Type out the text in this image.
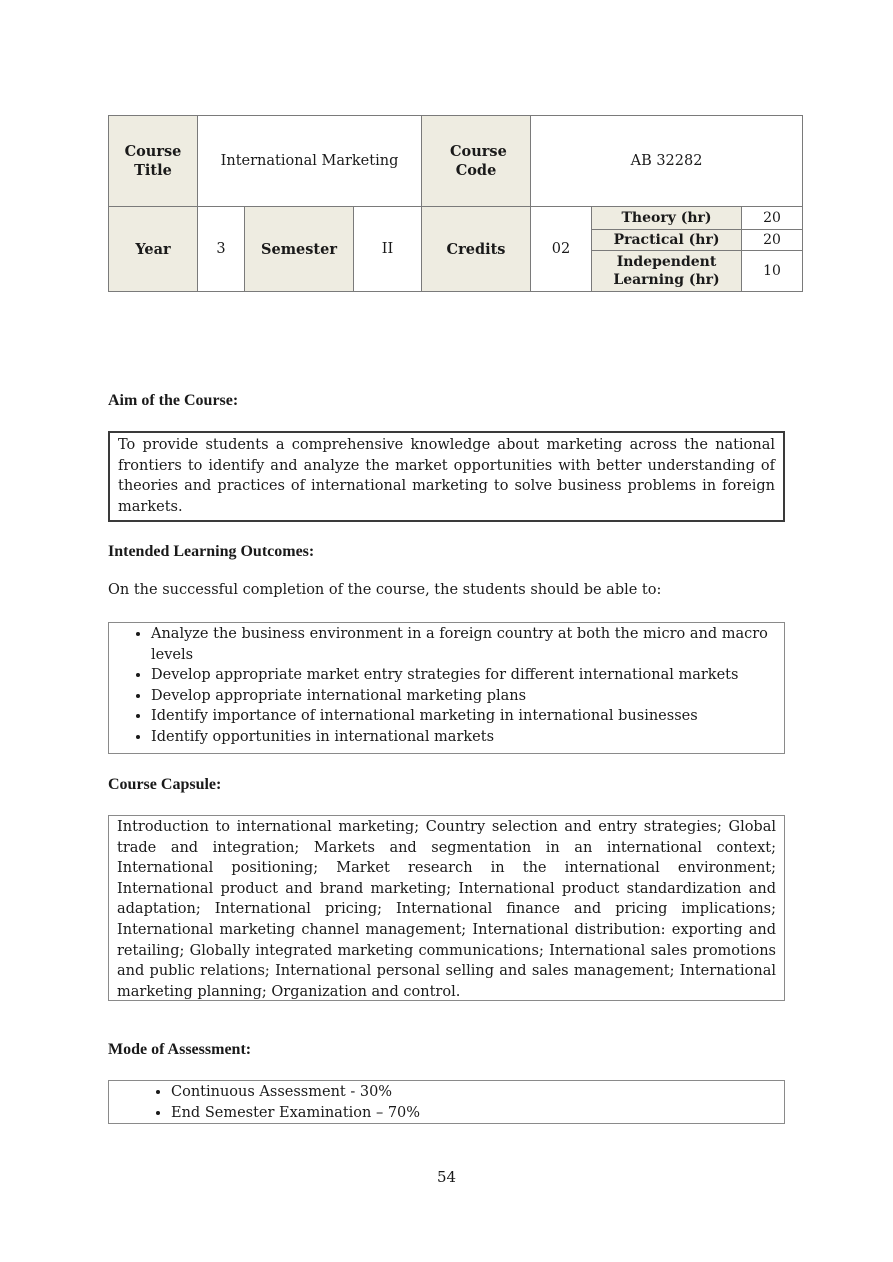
Course Title	International Marketing			Course Code	AB 32282		
Year	3	Semester	II	Credits	02	Theory (hr)	20
						Practical (hr)	20
						Independent Learning (hr)	10
Aim of the Course:
To provide students a comprehensive knowledge about marketing across the national frontiers to identify and analyze the market opportunities with better understanding of theories and practices of international marketing to solve business problems in foreign markets.
Intended Learning Outcomes:
On the successful completion of the course, the students should be able to:
• Analyze the business environment in a foreign country at both the micro and macro levels
• Develop appropriate market entry strategies for different international markets
• Develop appropriate international marketing plans
• Identify importance of international marketing in international businesses
• Identify opportunities in international markets
Course Capsule:
Introduction to international marketing; Country selection and entry strategies; Global trade and integration; Markets and segmentation in an international context; International positioning; Market research in the international environment; International product and brand marketing; International product standardization and adaptation; International pricing; International finance and pricing implications; International marketing channel management; International distribution: exporting and retailing; Globally integrated marketing communications; International sales promotions and public relations; International personal selling and sales management; International marketing planning; Organization and control.
Mode of Assessment:
• Continuous Assessment - 30%
• End Semester Examination – 70%
54
